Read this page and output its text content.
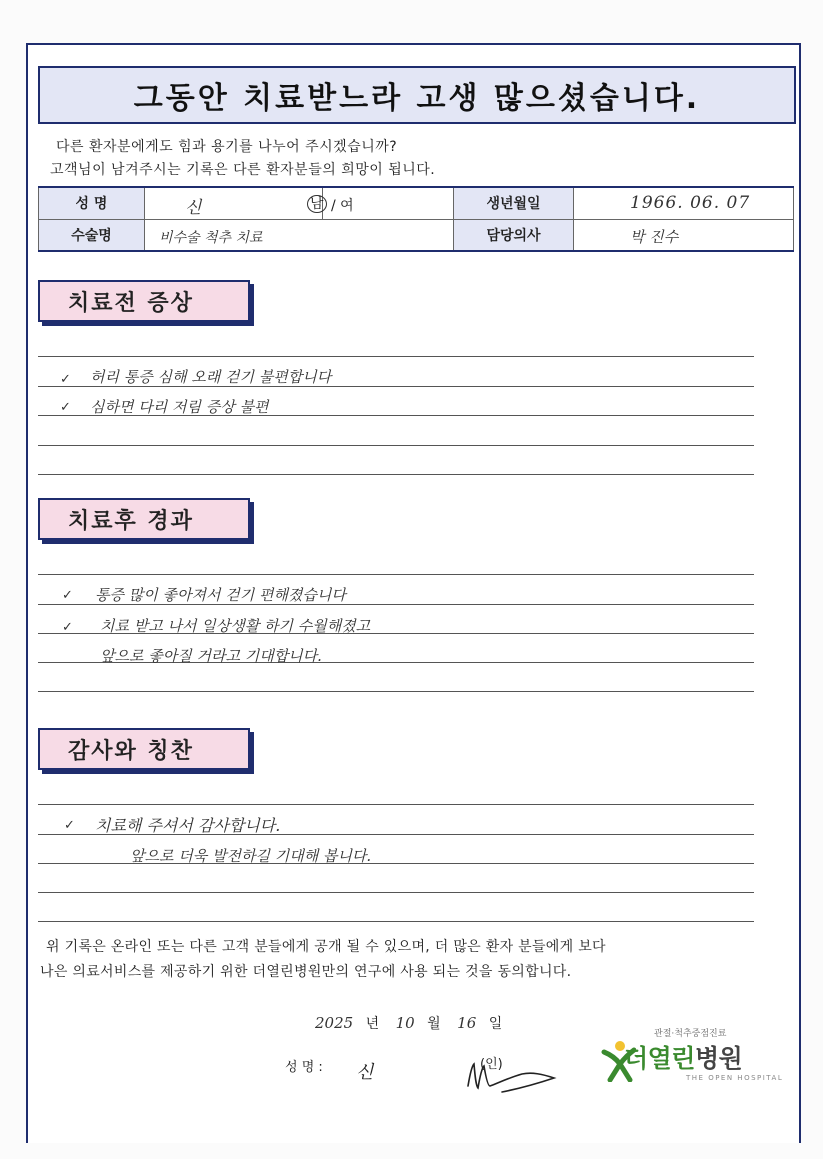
그동안 치료받느라 고생 많으셨습니다.
다른 환자분에게도 힘과 용기를 나누어 주시겠습니까?
고객님이 남겨주시는 기록은 다른 환자분들의 희망이 됩니다.
성 명	신 남 / 여		생년월일	1966. 06. 07

수술명	비수술 척추 치료		담당의사	박 진수
치료전 증상
✓ 허리 통증 심해 오래 걷기 불편합니다
✓ 심하면 다리 저림 증상 불편
치료후 경과
✓ 통증 많이 좋아져서 걷기 편해졌습니다
✓ 치료 받고 나서 일상생활 하기 수월해졌고
앞으로 좋아질 거라고 기대합니다.
감사와 칭찬
✓ 치료해 주셔서 감사합니다.
앞으로 더욱 발전하길 기대해 봅니다.
위 기록은 온라인 또는 다른 고객 분들에게 공개 될 수 있으며, 더 많은 환자 분들에게 보다
나은 의료서비스를 제공하기 위한 더열린병원만의 연구에 사용 되는 것을 동의합니다.
2025 년 10 월 16 일
성 명 : 신	(인)
관절·척추중점진료
더열린병원
THE OPEN HOSPITAL
